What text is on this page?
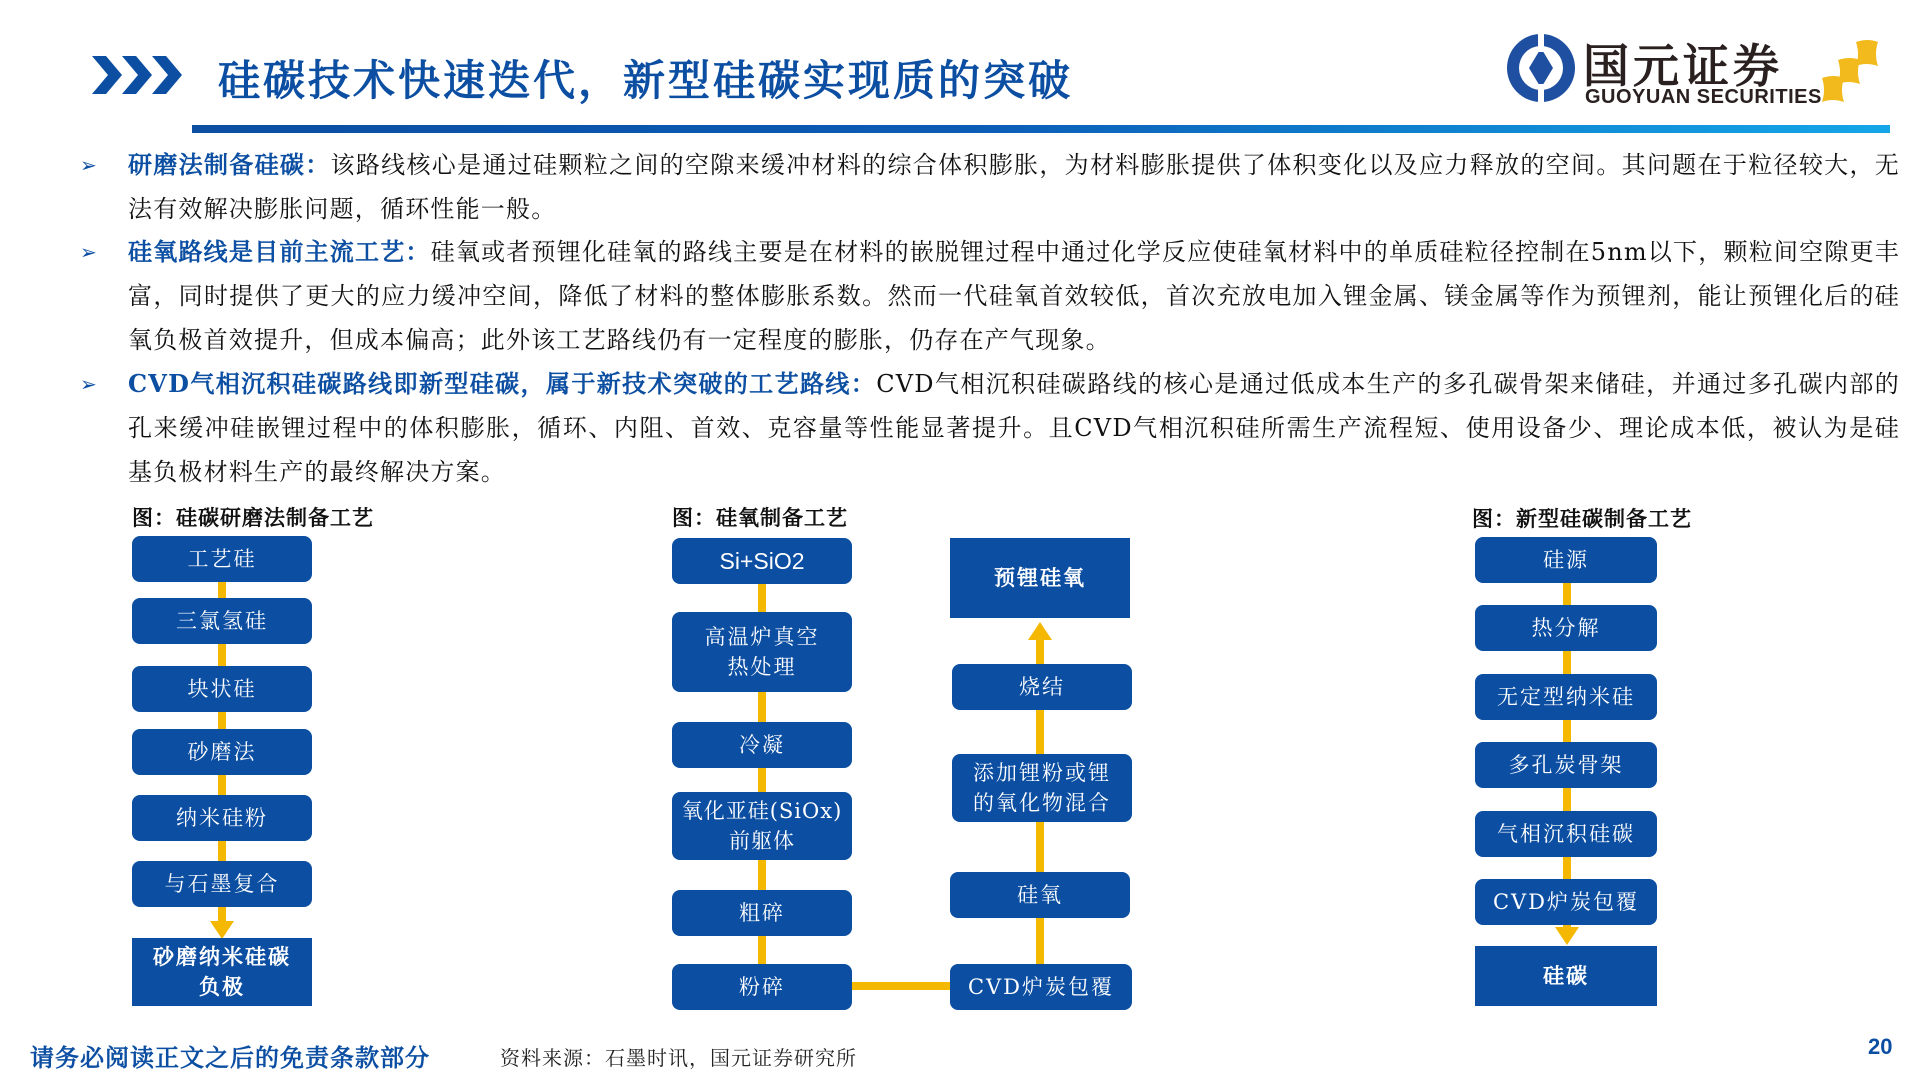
硅碳技术快速迭代，新型硅碳实现质的突破	国元证券
GUOYUAN SECURITIES
➢ 研磨法制备硅碳：该路线核心是通过硅颗粒之间的空隙来缓冲材料的综合体积膨胀，为材料膨胀提供了体积变化以及应力释放的空间。其问题在于粒径较大，无法有效解决膨胀问题，循环性能一般。
➢ 硅氧路线是目前主流工艺：硅氧或者预锂化硅氧的路线主要是在材料的嵌脱锂过程中通过化学反应使硅氧材料中的单质硅粒径控制在5nm以下，颗粒间空隙更丰富，同时提供了更大的应力缓冲空间，降低了材料的整体膨胀系数。然而一代硅氧首效较低，首次充放电加入锂金属、镁金属等作为预锂剂，能让预锂化后的硅氧负极首效提升，但成本偏高；此外该工艺路线仍有一定程度的膨胀，仍存在产气现象。
➢ CVD气相沉积硅碳路线即新型硅碳，属于新技术突破的工艺路线：CVD气相沉积硅碳路线的核心是通过低成本生产的多孔碳骨架来储硅，并通过多孔碳内部的孔来缓冲硅嵌锂过程中的体积膨胀，循环、内阻、首效、克容量等性能显著提升。且CVD气相沉积硅所需生产流程短、使用设备少、理论成本低，被认为是硅基负极材料生产的最终解决方案。
图：硅碳研磨法制备工艺
工艺硅
三氯氢硅
块状硅
砂磨法
纳米硅粉
与石墨复合
砂磨纳米硅碳负极
图：硅氧制备工艺
Si+SiO2
高温炉真空热处理
冷凝
氧化亚硅(SiOx)前躯体
粗碎
粉碎
预锂硅氧
烧结
添加锂粉或锂的氧化物混合
硅氧
CVD炉炭包覆
图：新型硅碳制备工艺
硅源
热分解
无定型纳米硅
多孔炭骨架
气相沉积硅碳
CVD炉炭包覆
硅碳
请务必阅读正文之后的免责条款部分	资料来源：石墨时讯，国元证券研究所	20
